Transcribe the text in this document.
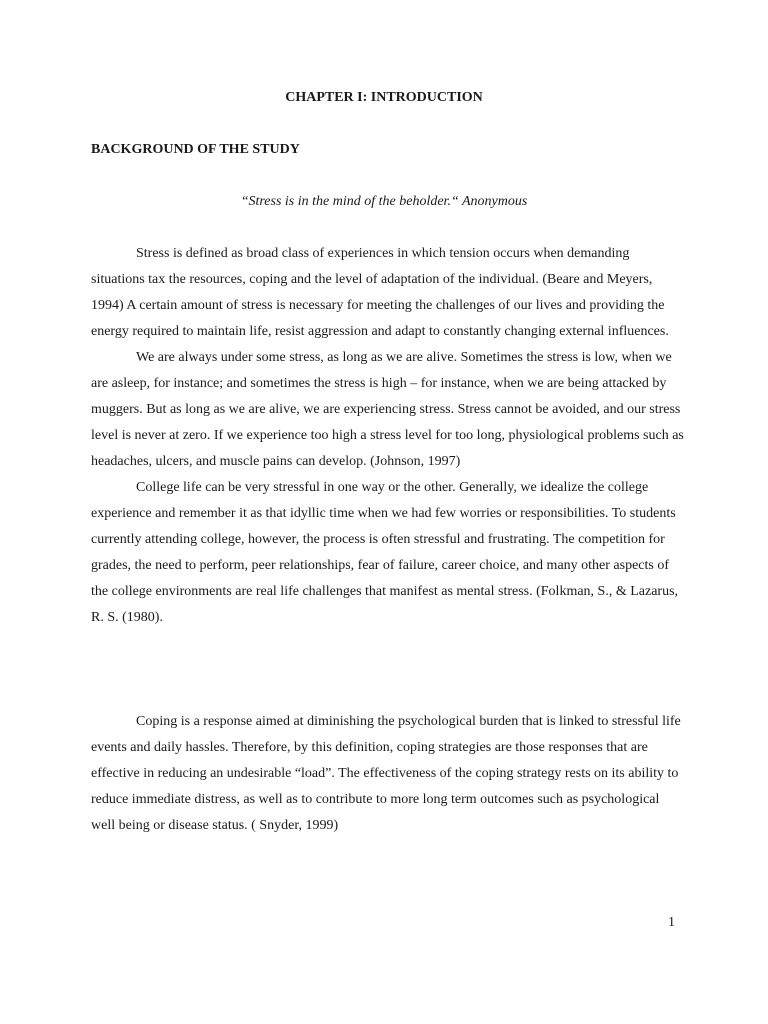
CHAPTER I: INTRODUCTION
BACKGROUND OF THE STUDY

“Stress is in the mind of the beholder.“ Anonymous

Stress is defined as broad class of experiences in which tension occurs when demanding situations tax the resources, coping and the level of adaptation of the individual. (Beare and Meyers, 1994) A certain amount of stress is necessary for meeting the challenges of our lives and providing the energy required to maintain life, resist aggression and adapt to constantly changing external influences.

We are always under some stress, as long as we are alive. Sometimes the stress is low, when we are asleep, for instance; and sometimes the stress is high – for instance, when we are being attacked by muggers. But as long as we are alive, we are experiencing stress. Stress cannot be avoided, and our stress level is never at zero. If we experience too high a stress level for too long, physiological problems such as headaches, ulcers, and muscle pains can develop. (Johnson, 1997)

College life can be very stressful in one way or the other. Generally, we idealize the college experience and remember it as that idyllic time when we had few worries or responsibilities. To students currently attending college, however, the process is often stressful and frustrating. The competition for grades, the need to perform, peer relationships, fear of failure, career choice, and many other aspects of the college environments are real life challenges that manifest as mental stress. (Folkman, S., & Lazarus, R. S. (1980).

Coping is a response aimed at diminishing the psychological burden that is linked to stressful life events and daily hassles. Therefore, by this definition, coping strategies are those responses that are effective in reducing an undesirable “load”. The effectiveness of the coping strategy rests on its ability to reduce immediate distress, as well as to contribute to more long term outcomes such as psychological well being or disease status. ( Snyder, 1999)

1
